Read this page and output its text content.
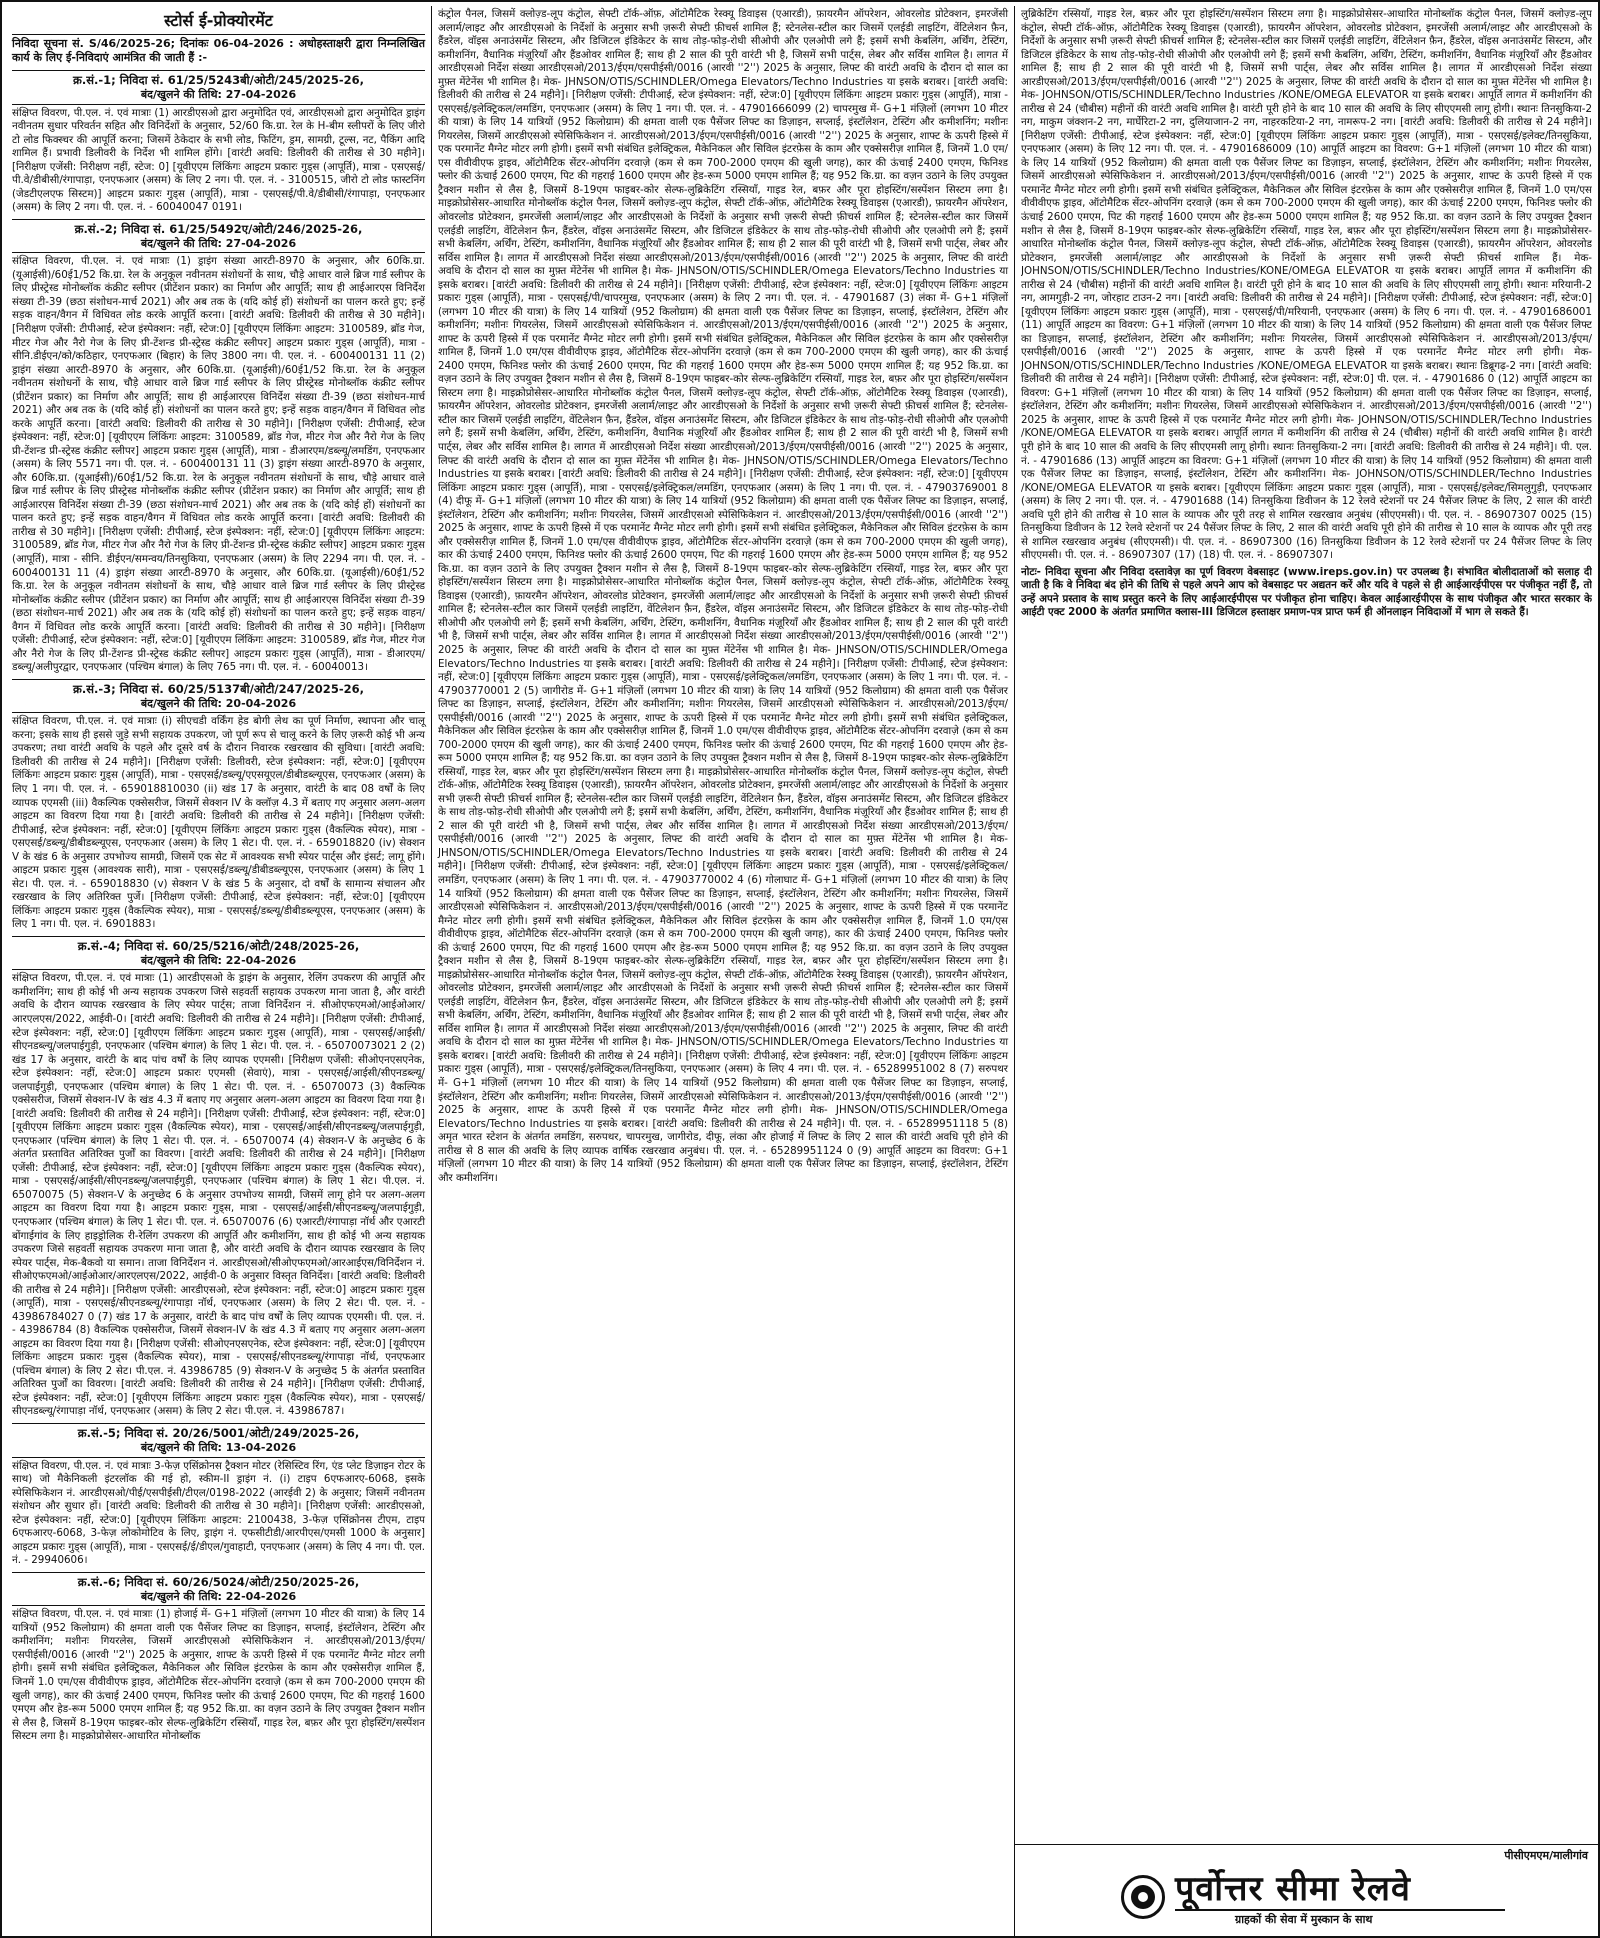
स्टोर्स ई-प्रोक्योरमेंट
निविदा सूचना सं. S/46/2025-26; दिनांकः 06-04-2026 : अधोहस्ताक्षरी द्वारा निम्नलिखित कार्य के लिए ई-निविदाएं आमंत्रित की जाती हैं :-
क्र.सं.-1; निविदा सं. 61/25/5243बी/ओटी/245/2025-26,
बंद/खुलने की तिथि: 27-04-2026
संक्षिप्त विवरण, पी.एल. नं. एवं मात्राः (1) आरडीएसओ द्वारा अनुमोदित एवं, आरडीएसओ द्वारा अनुमोदित ड्राइंग नवीनतम सुधार परिवर्तन सहित और विनिर्देशों के अनुसार, 52/60 कि.ग्रा. रेल के H-बीम स्लीपरों के लिए जीरो टो लोड फिक्स्चर की आपूर्ति करना; जिसमें ठेकेदार के सभी लोड, फिटिंग, ड्रम, सामग्री, टूल्स, नट, पैकिंग आदि शामिल हैं। प्रभावी डिलीवरी के निर्देश भी शामिल होंगे। [वारंटी अवधि: डिलीवरी की तारीख से 30 महीने]। [निरीक्षण एजेंसी: निरीक्षण नहीं, स्टेज: 0] [यूवीएएम लिंकिंगः आइटम प्रकारः गुड्स (आपूर्ति), मात्रा - एसएसई/पी.वे/डीबीसी/रंगापाड़ा, एनएफआर (असम) के लिए 2 नग। पी. एल. नं. - 3100515, जीरो टो लोड फास्टनिंग (जेडटीएलएफ सिस्टम)] आइटम प्रकारः गुड्स (आपूर्ति), मात्रा - एसएसई/पी.वे/डीबीसी/रंगापाड़ा, एनएफआर (असम) के लिए 2 नग। पी. एल. नं. - 60040047 0191।
क्र.सं.-2; निविदा सं. 61/25/5492ए/ओटी/246/2025-26,
बंद/खुलने की तिथि: 27-04-2026
संक्षिप्त विवरण, पी.एल. नं. एवं मात्राः (1) ड्राइंग संख्या आरटी-8970 के अनुसार, और 60कि.ग्रा. (यूआईसी)/60ई1/52 कि.ग्रा. रेल के अनुकूल नवीनतम संशोधनों के साथ, चौड़े आधार वाले ब्रिज गार्ड स्लीपर के लिए प्रीस्ट्रेस्ड मोनोब्लॉक कंक्रीट स्लीपर (प्रीटेंशन प्रकार) का निर्माण और आपूर्ति; साथ ही आईआरएस विनिर्देश संख्या टी-39 (छठा संशोधन-मार्च 2021) और अब तक के (यदि कोई हों) संशोधनों का पालन करते हुए; इन्हें सड़क वाहन/वैगन में विधिवत लोड करके आपूर्ति करना। [वारंटी अवधि: डिलीवरी की तारीख से 30 महीने]। [निरीक्षण एजेंसी: टीपीआई, स्टेज इंस्पेक्शन: नहीं, स्टेज:0] [यूवीएएम लिंकिंगः आइटम: 3100589, ब्रॉड गेज, मीटर गेज और नैरो गेज के लिए प्री-टेंशन्ड प्री-स्ट्रेस्ड कंक्रीट स्लीपर] आइटम प्रकारः गुड्स (आपूर्ति), मात्रा - सीनि.डीईएन/को/कठिहार, एनएफआर (बिहार) के लिए 3800 नग। पी. एल. नं. - 600400131 11 (2) ड्राइंग संख्या आरटी-8970 के अनुसार, और 60कि.ग्रा. (यूआईसी)/60ई1/52 कि.ग्रा. रेल के अनुकूल नवीनतम संशोधनों के साथ, चौड़े आधार वाले ब्रिज गार्ड स्लीपर के लिए प्रीस्ट्रेस्ड मोनोब्लॉक कंक्रीट स्लीपर (प्रीटेंशन प्रकार) का निर्माण और आपूर्ति; साथ ही आईआरएस विनिर्देश संख्या टी-39 (छठा संशोधन-मार्च 2021) और अब तक के (यदि कोई हों) संशोधनों का पालन करते हुए; इन्हें सड़क वाहन/वैगन में विधिवत लोड करके आपूर्ति करना। [वारंटी अवधि: डिलीवरी की तारीख से 30 महीने]। [निरीक्षण एजेंसी: टीपीआई, स्टेज इंस्पेक्शन: नहीं, स्टेज:0] [यूवीएएम लिंकिंगः आइटम: 3100589, ब्रॉड गेज, मीटर गेज और नैरो गेज के लिए प्री-टेंशन्ड प्री-स्ट्रेस्ड कंक्रीट स्लीपर] आइटम प्रकारः गुड्स (आपूर्ति), मात्रा - डीआरएम/डब्ल्यू/लमडिंग, एनएफआर (असम) के लिए 5571 नग। पी. एल. नं. - 600400131 11 (3) ड्राइंग संख्या आरटी-8970 के अनुसार, और 60कि.ग्रा. (यूआईसी)/60ई1/52 कि.ग्रा. रेल के अनुकूल नवीनतम संशोधनों के साथ, चौड़े आधार वाले ब्रिज गार्ड स्लीपर के लिए प्रीस्ट्रेस्ड मोनोब्लॉक कंक्रीट स्लीपर (प्रीटेंशन प्रकार) का निर्माण और आपूर्ति; साथ ही आईआरएस विनिर्देश संख्या टी-39 (छठा संशोधन-मार्च 2021) और अब तक के (यदि कोई हों) संशोधनों का पालन करते हुए; इन्हें सड़क वाहन/वैगन में विधिवत लोड करके आपूर्ति करना। [वारंटी अवधि: डिलीवरी की तारीख से 30 महीने]। [निरीक्षण एजेंसी: टीपीआई, स्टेज इंस्पेक्शन: नहीं, स्टेज:0] [यूवीएएम लिंकिंगः आइटम: 3100589, ब्रॉड गेज, मीटर गेज और नैरो गेज के लिए प्री-टेंशन्ड प्री-स्ट्रेस्ड कंक्रीट स्लीपर] आइटम प्रकारः गुड्स (आपूर्ति), मात्रा - सीनि. डीईएन/समन्वय/तिनसुकिया, एनएफआर (असम) के लिए 2294 नग। पी. एल. नं. - 600400131 11 (4) ड्राइंग संख्या आरटी-8970 के अनुसार, और 60कि.ग्रा. (यूआईसी)/60ई1/52 कि.ग्रा. रेल के अनुकूल नवीनतम संशोधनों के साथ, चौड़े आधार वाले ब्रिज गार्ड स्लीपर के लिए प्रीस्ट्रेस्ड मोनोब्लॉक कंक्रीट स्लीपर (प्रीटेंशन प्रकार) का निर्माण और आपूर्ति; साथ ही आईआरएस विनिर्देश संख्या टी-39 (छठा संशोधन-मार्च 2021) और अब तक के (यदि कोई हों) संशोधनों का पालन करते हुए; इन्हें सड़क वाहन/वैगन में विधिवत लोड करके आपूर्ति करना। [वारंटी अवधि: डिलीवरी की तारीख से 30 महीने]। [निरीक्षण एजेंसी: टीपीआई, स्टेज इंस्पेक्शन: नहीं, स्टेज:0] [यूवीएएम लिंकिंगः आइटम: 3100589, ब्रॉड गेज, मीटर गेज और नैरो गेज के लिए प्री-टेंशन्ड प्री-स्ट्रेस्ड कंक्रीट स्लीपर] आइटम प्रकारः गुड्स (आपूर्ति), मात्रा - डीआरएम/डब्ल्यू/अलीपुरद्वार, एनएफआर (पश्चिम बंगाल) के लिए 765 नग। पी. एल. नं. - 60040013।
क्र.सं.-3; निविदा सं. 60/25/5137बी/ओटी/247/2025-26,
बंद/खुलने की तिथि: 20-04-2026
संक्षिप्त विवरण, पी.एल. नं. एवं मात्राः (i) सीएचडी वर्किंग हेड बोगी लेथ का पूर्ण निर्माण, स्थापना और चालू करना; इसके साथ ही इससे जुड़े सभी सहायक उपकरण, जो पूर्ण रूप से चालू करने के लिए ज़रूरी कोई भी अन्य उपकरण; तथा वारंटी अवधि के पहले और दूसरे वर्ष के दौरान निवारक रखरखाव की सुविधा। [वारंटी अवधि: डिलीवरी की तारीख से 24 महीने]। [निरीक्षण एजेंसी: डिलीवरी, स्टेज इंस्पेक्शन: नहीं, स्टेज:0] [यूवीएएम लिंकिंगः आइटम प्रकारः गुड्स (आपूर्ति), मात्रा - एसएसई/डब्ल्यू/एएसयूएल/डीबीडब्ल्यूएस, एनएफआर (असम) के लिए 1 नग। पी. एल. नं. - 659018810030 (ii) खंड 17 के अनुसार, वारंटी के बाद 08 वर्षों के लिए व्यापक एएमसी (iii) वैकल्पिक एक्सेसरीज, जिसमें सेक्शन IV के क्लॉज़ 4.3 में बताए गए अनुसार अलग-अलग आइटम का विवरण दिया गया है। [वारंटी अवधि: डिलीवरी की तारीख से 24 महीने]। [निरीक्षण एजेंसी: टीपीआई, स्टेज इंस्पेक्शन: नहीं, स्टेज:0] [यूवीएएम लिंकिंगः आइटम प्रकारः गुड्स (वैकल्पिक स्पेयर), मात्रा - एसएसई/डब्ल्यू/डीबीडब्ल्यूएस, एनएफआर (असम) के लिए 1 सेट। पी. एल. नं. - 659018820 (iv) सेक्शन V के खंड 6 के अनुसार उपभोज्य सामग्री, जिसमें एक सेट में आवश्यक सभी स्पेयर पार्ट्स और इंसर्ट; लागू होंगे। आइटम प्रकारः गुड्स (आवश्यक सारी), मात्रा - एसएसई/डब्ल्यू/डीबीडब्ल्यूएस, एनएफआर (असम) के लिए 1 सेट। पी. एल. नं. - 659018830 (v) सेक्शन V के खंड 5 के अनुसार, दो वर्षों के सामान्य संचालन और रखरखाव के लिए अतिरिक्त पुर्जे। [निरीक्षण एजेंसी: टीपीआई, स्टेज इंस्पेक्शन: नहीं, स्टेज:0] [यूवीएएम लिंकिंगः आइटम प्रकारः गुड्स (वैकल्पिक स्पेयर), मात्रा - एसएसई/डब्ल्यू/डीबीडब्ल्यूएस, एनएफआर (असम) के लिए 1 नग। पी. एल. नं. 6901883।
क्र.सं.-4; निविदा सं. 60/25/5216/ओटी/248/2025-26,
बंद/खुलने की तिथि: 22-04-2026
संक्षिप्त विवरण, पी.एल. नं. एवं मात्राः (1) आरडीएसओ के ड्राइंग के अनुसार, रेलिंग उपकरण की आपूर्ति और कमीशनिंग; साथ ही कोई भी अन्य सहायक उपकरण जिसे सहवर्ती सहायक उपकरण माना जाता है, और वारंटी अवधि के दौरान व्यापक रखरखाव के लिए स्पेयर पार्ट्स; ताजा विनिर्देशन नं. सीओएफएमओ/आईओआर/आरएलएस/2022, आईवी-0। [वारंटी अवधि: डिलीवरी की तारीख से 24 महीने]। [निरीक्षण एजेंसी: टीपीआई, स्टेज इंस्पेक्शन: नहीं, स्टेज:0] [यूवीएएम लिंकिंगः आइटम प्रकारः गुड्स (आपूर्ति), मात्रा - एसएसई/आईसी/सीएनडब्ल्यू/जलपाईगुड़ी, एनएफआर (पश्चिम बंगाल) के लिए 1 सेट। पी. एल. नं. - 65070073021 2 (2) खंड 17 के अनुसार, वारंटी के बाद पांच वर्षों के लिए व्यापक एएमसी। [निरीक्षण एजेंसी: सीओएनएसएनेक, स्टेज इंस्पेक्शन: नहीं, स्टेज:0] आइटम प्रकारः एएमसी (सेवाएं), मात्रा - एसएसई/आईसी/सीएनडब्ल्यू/जलपाईगुड़ी, एनएफआर (पश्चिम बंगाल) के लिए 1 सेट। पी. एल. नं. - 65070073 (3) वैकल्पिक एक्सेसरीज, जिसमें सेक्शन-IV के खंड 4.3 में बताए गए अनुसार अलग-अलग आइटम का विवरण दिया गया है। [वारंटी अवधि: डिलीवरी की तारीख से 24 महीने]। [निरीक्षण एजेंसी: टीपीआई, स्टेज इंस्पेक्शन: नहीं, स्टेज:0] [यूवीएएम लिंकिंगः आइटम प्रकारः गुड्स (वैकल्पिक स्पेयर), मात्रा - एसएसई/आईसी/सीएनडब्ल्यू/जलपाईगुड़ी, एनएफआर (पश्चिम बंगाल) के लिए 1 सेट। पी. एल. नं. - 65070074 (4) सेक्शन-V के अनुच्छेद 6 के अंतर्गत प्रस्तावित अतिरिक्त पुर्जों का विवरण। [वारंटी अवधि: डिलीवरी की तारीख से 24 महीने]। [निरीक्षण एजेंसी: टीपीआई, स्टेज इंस्पेक्शन: नहीं, स्टेज:0] [यूवीएएम लिंकिंगः आइटम प्रकारः गुड्स (वैकल्पिक स्पेयर), मात्रा - एसएसई/आईसी/सीएनडब्ल्यू/जलपाईगुड़ी, एनएफआर (पश्चिम बंगाल) के लिए 1 सेट। पी.एल. नं. 65070075 (5) सेक्शन-V के अनुच्छेद 6 के अनुसार उपभोज्य सामग्री, जिसमें लागू होने पर अलग-अलग आइटम का विवरण दिया गया है। आइटम प्रकारः गुड्स, मात्रा - एसएसई/आईसी/सीएनडब्ल्यू/जलपाईगुड़ी, एनएफआर (पश्चिम बंगाल) के लिए 1 सेट। पी. एल. नं. 65070076 (6) एआरटी/रंगापाड़ा नॉर्थ और एआरटी बोंगाईगांव के लिए हाइड्रोलिक री-रेलिंग उपकरण की आपूर्ति और कमीशनिंग, साथ ही कोई भी अन्य सहायक उपकरण जिसे सहवर्ती सहायक उपकरण माना जाता है, और वारंटी अवधि के दौरान व्यापक रखरखाव के लिए स्पेयर पार्ट्स, मेक-बैकवो या समान। ताजा विनिर्देशन नं. आरडीएसओ/सीओएफएमओ/आरआईएस/विनिर्देशन नं. सीओएफएमओ/आईओआर/आरएलएस/2022, आईवी-0 के अनुसार विस्तृत विनिर्देश। [वारंटी अवधि: डिलीवरी की तारीख से 24 महीने]। [निरीक्षण एजेंसी: आरडीएसओ, स्टेज इंस्पेक्शन: नहीं, स्टेज:0] आइटम प्रकारः गुड्स (आपूर्ति), मात्रा - एसएसई/सीएनडब्ल्यू/रंगापाड़ा नॉर्थ, एनएफआर (असम) के लिए 2 सेट। पी. एल. नं. - 43986784027 0 (7) खंड 17 के अनुसार, वारंटी के बाद पांच वर्षों के लिए व्यापक एएमसी। पी. एल. नं. - 43986784 (8) वैकल्पिक एक्सेसरीज, जिसमें सेक्शन-IV के खंड 4.3 में बताए गए अनुसार अलग-अलग आइटम का विवरण दिया गया है। [निरीक्षण एजेंसी: सीओएनएसएनेक, स्टेज इंस्पेक्शन: नहीं, स्टेज:0] [यूवीएएम लिंकिंगः आइटम प्रकारः गुड्स (वैकल्पिक स्पेयर), मात्रा - एसएसई/सीएनडब्ल्यू/रंगापाड़ा नॉर्थ, एनएफआर (पश्चिम बंगाल) के लिए 2 सेट। पी.एल. नं. 43986785 (9) सेक्शन-V के अनुच्छेद 5 के अंतर्गत प्रस्तावित अतिरिक्त पुर्जों का विवरण। [वारंटी अवधि: डिलीवरी की तारीख से 24 महीने]। [निरीक्षण एजेंसी: टीपीआई, स्टेज इंस्पेक्शन: नहीं, स्टेज:0] [यूवीएएम लिंकिंगः आइटम प्रकारः गुड्स (वैकल्पिक स्पेयर), मात्रा - एसएसई/सीएनडब्ल्यू/रंगापाड़ा नॉर्थ, एनएफआर (असम) के लिए 2 सेट। पी.एल. नं. 43986787।
क्र.सं.-5; निविदा सं. 20/26/5001/ओटी/249/2025-26,
बंद/खुलने की तिथि: 13-04-2026
संक्षिप्त विवरण, पी.एल. नं. एवं मात्राः 3-फेज़ एसिंक्रोनस ट्रैक्शन मोटर (रेसिस्टिव रिंग, एंड प्लेट डिज़ाइन रोटर के साथ) जो मैकेनिकली इंटरलॉक की गई हो, स्कीम-II ड्राइंग नं. (i) टाइप 6एफआरए-6068, इसके स्पेसिफिकेशन नं. आरडीएसओ/पीई/एसपीईसी/टीएल/0198-2022 (आरईवी 2) के अनुसार; जिसमें नवीनतम संशोधन और सुधार हों। [वारंटी अवधि: डिलीवरी की तारीख से 30 महीने]। [निरीक्षण एजेंसी: आरडीएसओ, स्टेज इंस्पेक्शन: नहीं, स्टेज:0] [यूवीएएम लिंकिंगः आइटम: 2100438, 3-फेज़ एसिंक्रोनस टीएम, टाइप 6एफआरए-6068, 3-फेज़ लोकोमोटिव के लिए, ड्राइंग नं. एफसीटीडी/आरपीएस/एमसी 1000 के अनुसार] आइटम प्रकारः गुड्स (आपूर्ति), मात्रा - एसएसई/ई/डीएल/गुवाहाटी, एनएफआर (असम) के लिए 4 नग। पी. एल. नं. - 29940606।
क्र.सं.-6; निविदा सं. 60/26/5024/ओटी/250/2025-26,
बंद/खुलने की तिथि: 22-04-2026
संक्षिप्त विवरण, पी.एल. नं. एवं मात्राः (1) होजाई में- G+1 मंज़िलों (लगभग 10 मीटर की यात्रा) के लिए 14 यात्रियों (952 किलोग्राम) की क्षमता वाली एक पैसेंजर लिफ्ट का डिज़ाइन, सप्लाई, इंस्टॉलेशन, टेस्टिंग और कमीशनिंग; मशीनः गियरलेस, जिसमें आरडीएसओ स्पेसिफिकेशन नं. आरडीएसओ/2013/ईएम/एसपीईसी/0016 (आरवी ''2'') 2025 के अनुसार, शाफ्ट के ऊपरी हिस्से में एक परमानेंट मैग्नेट मोटर लगी होगी। इसमें सभी संबंधित इलेक्ट्रिकल, मैकेनिकल और सिविल इंटरफ़ेस के काम और एक्सेसरीज़ शामिल हैं, जिनमें 1.0 एम/एस वीवीवीएफ ड्राइव, ऑटोमैटिक सेंटर-ओपनिंग दरवाज़े (कम से कम 700-2000 एमएम की खुली जगह), कार की ऊंचाई 2400 एमएम, फिनिश्ड फ्लोर की ऊंचाई 2600 एमएम, पिट की गहराई 1600 एमएम और हेड-रूम 5000 एमएम शामिल हैं; यह 952 कि.ग्रा. का वज़न उठाने के लिए उपयुक्त ट्रैक्शन मशीन से लैस है, जिसमें 8-19एम फाइबर-कोर सेल्फ-लुब्रिकेटिंग रस्सियाँ, गाइड रेल, बफ़र और पूरा होइस्टिंग/सस्पेंशन सिस्टम लगा है। माइक्रोप्रोसेसर-आधारित मोनोब्लॉक
कंट्रोल पैनल, जिसमें क्लोज़्ड-लूप कंट्रोल, सेफ्टी टॉर्क-ऑफ़, ऑटोमैटिक रेस्क्यू डिवाइस (एआरडी), फ़ायरमैन ऑपरेशन, ओवरलोड प्रोटेक्शन, इमरजेंसी अलार्म/लाइट और आरडीएसओ के निर्देशों के अनुसार सभी ज़रूरी सेफ्टी फ़ीचर्स शामिल हैं; स्टेनलेस-स्टील कार जिसमें एलईडी लाइटिंग, वेंटिलेशन फ़ैन, हैंडरेल, वॉइस अनाउंसमेंट सिस्टम, और डिजिटल इंडिकेटर के साथ तोड़-फोड़-रोधी सीओपी और एलओपी लगे हैं; इसमें सभी केबलिंग, अर्थिंग, टेस्टिंग, कमीशनिंग, वैधानिक मंज़ूरियाँ और हैंडओवर शामिल हैं; साथ ही 2 साल की पूरी वारंटी भी है, जिसमें सभी पार्ट्स, लेबर और सर्विस शामिल है। लागत में आरडीएसओ निर्देश संख्या आरडीएसओ/2013/ईएम/एसपीईसी/0016 (आरवी ''2'') 2025 के अनुसार, लिफ्ट की वारंटी अवधि के दौरान दो साल का मुफ़्त मेंटेनेंस भी शामिल है। मेक- JHNSON/OTIS/SCHINDLER/Omega Elevators/Techno Industries या इसके बराबर। [वारंटी अवधि: डिलीवरी की तारीख से 24 महीने]। [निरीक्षण एजेंसी: टीपीआई, स्टेज इंस्पेक्शन: नहीं, स्टेज:0] [यूवीएएम लिंकिंगः आइटम प्रकारः गुड्स (आपूर्ति), मात्रा - एसएसई/इलेक्ट्रिकल/लमडिंग, एनएफआर (असम) के लिए 1 नग। पी. एल. नं. - 47901666099 (2) चापरमुख में- G+1 मंज़िलों (लगभग 10 मीटर की यात्रा) के लिए 14 यात्रियों (952 किलोग्राम) की क्षमता वाली एक पैसेंजर लिफ्ट का डिज़ाइन, सप्लाई, इंस्टॉलेशन, टेस्टिंग और कमीशनिंग; मशीनः गियरलेस, जिसमें आरडीएसओ स्पेसिफिकेशन नं. आरडीएसओ/2013/ईएम/एसपीईसी/0016 (आरवी ''2'') 2025 के अनुसार, शाफ्ट के ऊपरी हिस्से में एक परमानेंट मैग्नेट मोटर लगी होगी। इसमें सभी संबंधित इलेक्ट्रिकल, मैकेनिकल और सिविल इंटरफ़ेस के काम और एक्सेसरीज़ शामिल हैं, जिनमें 1.0 एम/एस वीवीवीएफ ड्राइव, ऑटोमैटिक सेंटर-ओपनिंग दरवाज़े (कम से कम 700-2000 एमएम की खुली जगह), कार की ऊंचाई 2400 एमएम, फिनिश्ड फ्लोर की ऊंचाई 2600 एमएम, पिट की गहराई 1600 एमएम और हेड-रूम 5000 एमएम शामिल हैं; यह 952 कि.ग्रा. का वज़न उठाने के लिए उपयुक्त ट्रैक्शन मशीन से लैस है, जिसमें 8-19एम फाइबर-कोर सेल्फ-लुब्रिकेटिंग रस्सियाँ, गाइड रेल, बफ़र और पूरा होइस्टिंग/सस्पेंशन सिस्टम लगा है। माइक्रोप्रोसेसर-आधारित मोनोब्लॉक कंट्रोल पैनल, जिसमें क्लोज़्ड-लूप कंट्रोल, सेफ्टी टॉर्क-ऑफ़, ऑटोमैटिक रेस्क्यू डिवाइस (एआरडी), फ़ायरमैन ऑपरेशन, ओवरलोड प्रोटेक्शन, इमरजेंसी अलार्म/लाइट और आरडीएसओ के निर्देशों के अनुसार सभी ज़रूरी सेफ्टी फ़ीचर्स शामिल हैं; स्टेनलेस-स्टील कार जिसमें एलईडी लाइटिंग, वेंटिलेशन फ़ैन, हैंडरेल, वॉइस अनाउंसमेंट सिस्टम, और डिजिटल इंडिकेटर के साथ तोड़-फोड़-रोधी सीओपी और एलओपी लगे हैं; इसमें सभी केबलिंग, अर्थिंग, टेस्टिंग, कमीशनिंग, वैधानिक मंज़ूरियाँ और हैंडओवर शामिल हैं; साथ ही 2 साल की पूरी वारंटी भी है, जिसमें सभी पार्ट्स, लेबर और सर्विस शामिल है। लागत में आरडीएसओ निर्देश संख्या आरडीएसओ/2013/ईएम/एसपीईसी/0016 (आरवी ''2'') 2025 के अनुसार, लिफ्ट की वारंटी अवधि के दौरान दो साल का मुफ़्त मेंटेनेंस भी शामिल है। मेक- JHNSON/OTIS/SCHINDLER/Omega Elevators/Techno Industries या इसके बराबर। [वारंटी अवधि: डिलीवरी की तारीख से 24 महीने]। [निरीक्षण एजेंसी: टीपीआई, स्टेज इंस्पेक्शन: नहीं, स्टेज:0] [यूवीएएम लिंकिंगः आइटम प्रकारः गुड्स (आपूर्ति), मात्रा - एसएसई/पी/चापरमुख, एनएफआर (असम) के लिए 2 नग। पी. एल. नं. - 47901687 (3) लंका में- G+1 मंज़िलों (लगभग 10 मीटर की यात्रा) के लिए 14 यात्रियों (952 किलोग्राम) की क्षमता वाली एक पैसेंजर लिफ्ट का डिज़ाइन, सप्लाई, इंस्टॉलेशन, टेस्टिंग और कमीशनिंग; मशीनः गियरलेस, जिसमें आरडीएसओ स्पेसिफिकेशन नं. आरडीएसओ/2013/ईएम/एसपीईसी/0016 (आरवी ''2'') 2025 के अनुसार, शाफ्ट के ऊपरी हिस्से में एक परमानेंट मैग्नेट मोटर लगी होगी। इसमें सभी संबंधित इलेक्ट्रिकल, मैकेनिकल और सिविल इंटरफ़ेस के काम और एक्सेसरीज़ शामिल हैं, जिनमें 1.0 एम/एस वीवीवीएफ ड्राइव, ऑटोमैटिक सेंटर-ओपनिंग दरवाज़े (कम से कम 700-2000 एमएम की खुली जगह), कार की ऊंचाई 2400 एमएम, फिनिश्ड फ्लोर की ऊंचाई 2600 एमएम, पिट की गहराई 1600 एमएम और हेड-रूम 5000 एमएम शामिल हैं; यह 952 कि.ग्रा. का वज़न उठाने के लिए उपयुक्त ट्रैक्शन मशीन से लैस है, जिसमें 8-19एम फाइबर-कोर सेल्फ-लुब्रिकेटिंग रस्सियाँ, गाइड रेल, बफ़र और पूरा होइस्टिंग/सस्पेंशन सिस्टम लगा है। माइक्रोप्रोसेसर-आधारित मोनोब्लॉक कंट्रोल पैनल, जिसमें क्लोज़्ड-लूप कंट्रोल, सेफ्टी टॉर्क-ऑफ़, ऑटोमैटिक रेस्क्यू डिवाइस (एआरडी), फ़ायरमैन ऑपरेशन, ओवरलोड प्रोटेक्शन, इमरजेंसी अलार्म/लाइट और आरडीएसओ के निर्देशों के अनुसार सभी ज़रूरी सेफ्टी फ़ीचर्स शामिल हैं; स्टेनलेस-स्टील कार जिसमें एलईडी लाइटिंग, वेंटिलेशन फ़ैन, हैंडरेल, वॉइस अनाउंसमेंट सिस्टम, और डिजिटल इंडिकेटर के साथ तोड़-फोड़-रोधी सीओपी और एलओपी लगे हैं; इसमें सभी केबलिंग, अर्थिंग, टेस्टिंग, कमीशनिंग, वैधानिक मंज़ूरियाँ और हैंडओवर शामिल हैं; साथ ही 2 साल की पूरी वारंटी भी है, जिसमें सभी पार्ट्स, लेबर और सर्विस शामिल है। लागत में आरडीएसओ निर्देश संख्या आरडीएसओ/2013/ईएम/एसपीईसी/0016 (आरवी ''2'') 2025 के अनुसार, लिफ्ट की वारंटी अवधि के दौरान दो साल का मुफ़्त मेंटेनेंस भी शामिल है। मेक- JHNSON/OTIS/SCHINDLER/Omega Elevators/Techno Industries या इसके बराबर। [वारंटी अवधि: डिलीवरी की तारीख से 24 महीने]। [निरीक्षण एजेंसी: टीपीआई, स्टेज इंस्पेक्शन: नहीं, स्टेज:0] [यूवीएएम लिंकिंगः आइटम प्रकारः गुड्स (आपूर्ति), मात्रा - एसएसई/इलेक्ट्रिकल/लमडिंग, एनएफआर (असम) के लिए 1 नग। पी. एल. नं. - 47903769001 8 (4) दीफू में- G+1 मंज़िलों (लगभग 10 मीटर की यात्रा) के लिए 14 यात्रियों (952 किलोग्राम) की क्षमता वाली एक पैसेंजर लिफ्ट का डिज़ाइन, सप्लाई, इंस्टॉलेशन, टेस्टिंग और कमीशनिंग; मशीनः गियरलेस, जिसमें आरडीएसओ स्पेसिफिकेशन नं. आरडीएसओ/2013/ईएम/एसपीईसी/0016 (आरवी ''2'') 2025 के अनुसार, शाफ्ट के ऊपरी हिस्से में एक परमानेंट मैग्नेट मोटर लगी होगी। इसमें सभी संबंधित इलेक्ट्रिकल, मैकेनिकल और सिविल इंटरफ़ेस के काम और एक्सेसरीज़ शामिल हैं, जिनमें 1.0 एम/एस वीवीवीएफ ड्राइव, ऑटोमैटिक सेंटर-ओपनिंग दरवाज़े (कम से कम 700-2000 एमएम की खुली जगह), कार की ऊंचाई 2400 एमएम, फिनिश्ड फ्लोर की ऊंचाई 2600 एमएम, पिट की गहराई 1600 एमएम और हेड-रूम 5000 एमएम शामिल हैं; यह 952 कि.ग्रा. का वज़न उठाने के लिए उपयुक्त ट्रैक्शन मशीन से लैस है, जिसमें 8-19एम फाइबर-कोर सेल्फ-लुब्रिकेटिंग रस्सियाँ, गाइड रेल, बफ़र और पूरा होइस्टिंग/सस्पेंशन सिस्टम लगा है। माइक्रोप्रोसेसर-आधारित मोनोब्लॉक कंट्रोल पैनल, जिसमें क्लोज़्ड-लूप कंट्रोल, सेफ्टी टॉर्क-ऑफ़, ऑटोमैटिक रेस्क्यू डिवाइस (एआरडी), फ़ायरमैन ऑपरेशन, ओवरलोड प्रोटेक्शन, इमरजेंसी अलार्म/लाइट और आरडीएसओ के निर्देशों के अनुसार सभी ज़रूरी सेफ्टी फ़ीचर्स शामिल हैं; स्टेनलेस-स्टील कार जिसमें एलईडी लाइटिंग, वेंटिलेशन फ़ैन, हैंडरेल, वॉइस अनाउंसमेंट सिस्टम, और डिजिटल इंडिकेटर के साथ तोड़-फोड़-रोधी सीओपी और एलओपी लगे हैं; इसमें सभी केबलिंग, अर्थिंग, टेस्टिंग, कमीशनिंग, वैधानिक मंज़ूरियाँ और हैंडओवर शामिल हैं; साथ ही 2 साल की पूरी वारंटी भी है, जिसमें सभी पार्ट्स, लेबर और सर्विस शामिल है। लागत में आरडीएसओ निर्देश संख्या आरडीएसओ/2013/ईएम/एसपीईसी/0016 (आरवी ''2'') 2025 के अनुसार, लिफ्ट की वारंटी अवधि के दौरान दो साल का मुफ़्त मेंटेनेंस भी शामिल है। मेक- JHNSON/OTIS/SCHINDLER/Omega Elevators/Techno Industries या इसके बराबर। [वारंटी अवधि: डिलीवरी की तारीख से 24 महीने]। [निरीक्षण एजेंसी: टीपीआई, स्टेज इंस्पेक्शन: नहीं, स्टेज:0] [यूवीएएम लिंकिंगः आइटम प्रकारः गुड्स (आपूर्ति), मात्रा - एसएसई/इलेक्ट्रिकल/लमडिंग, एनएफआर (असम) के लिए 1 नग। पी. एल. नं. - 47903770001 2 (5) जागीरोड में- G+1 मंज़िलों (लगभग 10 मीटर की यात्रा) के लिए 14 यात्रियों (952 किलोग्राम) की क्षमता वाली एक पैसेंजर लिफ्ट का डिज़ाइन, सप्लाई, इंस्टॉलेशन, टेस्टिंग और कमीशनिंग; मशीनः गियरलेस, जिसमें आरडीएसओ स्पेसिफिकेशन नं. आरडीएसओ/2013/ईएम/एसपीईसी/0016 (आरवी ''2'') 2025 के अनुसार, शाफ्ट के ऊपरी हिस्से में एक परमानेंट मैग्नेट मोटर लगी होगी। इसमें सभी संबंधित इलेक्ट्रिकल, मैकेनिकल और सिविल इंटरफ़ेस के काम और एक्सेसरीज़ शामिल हैं, जिनमें 1.0 एम/एस वीवीवीएफ ड्राइव, ऑटोमैटिक सेंटर-ओपनिंग दरवाज़े (कम से कम 700-2000 एमएम की खुली जगह), कार की ऊंचाई 2400 एमएम, फिनिश्ड फ्लोर की ऊंचाई 2600 एमएम, पिट की गहराई 1600 एमएम और हेड-रूम 5000 एमएम शामिल हैं; यह 952 कि.ग्रा. का वज़न उठाने के लिए उपयुक्त ट्रैक्शन मशीन से लैस है, जिसमें 8-19एम फाइबर-कोर सेल्फ-लुब्रिकेटिंग रस्सियाँ, गाइड रेल, बफ़र और पूरा होइस्टिंग/सस्पेंशन सिस्टम लगा है। माइक्रोप्रोसेसर-आधारित मोनोब्लॉक कंट्रोल पैनल, जिसमें क्लोज़्ड-लूप कंट्रोल, सेफ्टी टॉर्क-ऑफ़, ऑटोमैटिक रेस्क्यू डिवाइस (एआरडी), फ़ायरमैन ऑपरेशन, ओवरलोड प्रोटेक्शन, इमरजेंसी अलार्म/लाइट और आरडीएसओ के निर्देशों के अनुसार सभी ज़रूरी सेफ्टी फ़ीचर्स शामिल हैं; स्टेनलेस-स्टील कार जिसमें एलईडी लाइटिंग, वेंटिलेशन फ़ैन, हैंडरेल, वॉइस अनाउंसमेंट सिस्टम, और डिजिटल इंडिकेटर के साथ तोड़-फोड़-रोधी सीओपी और एलओपी लगे हैं; इसमें सभी केबलिंग, अर्थिंग, टेस्टिंग, कमीशनिंग, वैधानिक मंज़ूरियाँ और हैंडओवर शामिल हैं; साथ ही 2 साल की पूरी वारंटी भी है, जिसमें सभी पार्ट्स, लेबर और सर्विस शामिल है। लागत में आरडीएसओ निर्देश संख्या आरडीएसओ/2013/ईएम/एसपीईसी/0016 (आरवी ''2'') 2025 के अनुसार, लिफ्ट की वारंटी अवधि के दौरान दो साल का मुफ़्त मेंटेनेंस भी शामिल है। मेक- JHNSON/OTIS/SCHINDLER/Omega Elevators/Techno Industries या इसके बराबर। [वारंटी अवधि: डिलीवरी की तारीख से 24 महीने]। [निरीक्षण एजेंसी: टीपीआई, स्टेज इंस्पेक्शन: नहीं, स्टेज:0] [यूवीएएम लिंकिंगः आइटम प्रकारः गुड्स (आपूर्ति), मात्रा - एसएसई/इलेक्ट्रिकल/लमडिंग, एनएफआर (असम) के लिए 1 नग। पी. एल. नं. - 47903770002 4 (6) गोलाघाट में- G+1 मंज़िलों (लगभग 10 मीटर की यात्रा) के लिए 14 यात्रियों (952 किलोग्राम) की क्षमता वाली एक पैसेंजर लिफ्ट का डिज़ाइन, सप्लाई, इंस्टॉलेशन, टेस्टिंग और कमीशनिंग; मशीनः गियरलेस, जिसमें आरडीएसओ स्पेसिफिकेशन नं. आरडीएसओ/2013/ईएम/एसपीईसी/0016 (आरवी ''2'') 2025 के अनुसार, शाफ्ट के ऊपरी हिस्से में एक परमानेंट मैग्नेट मोटर लगी होगी। इसमें सभी संबंधित इलेक्ट्रिकल, मैकेनिकल और सिविल इंटरफ़ेस के काम और एक्सेसरीज़ शामिल हैं, जिनमें 1.0 एम/एस वीवीवीएफ ड्राइव, ऑटोमैटिक सेंटर-ओपनिंग दरवाज़े (कम से कम 700-2000 एमएम की खुली जगह), कार की ऊंचाई 2400 एमएम, फिनिश्ड फ्लोर की ऊंचाई 2600 एमएम, पिट की गहराई 1600 एमएम और हेड-रूम 5000 एमएम शामिल हैं; यह 952 कि.ग्रा. का वज़न उठाने के लिए उपयुक्त ट्रैक्शन मशीन से लैस है, जिसमें 8-19एम फाइबर-कोर सेल्फ-लुब्रिकेटिंग रस्सियाँ, गाइड रेल, बफ़र और पूरा होइस्टिंग/सस्पेंशन सिस्टम लगा है। माइक्रोप्रोसेसर-आधारित मोनोब्लॉक कंट्रोल पैनल, जिसमें क्लोज़्ड-लूप कंट्रोल, सेफ्टी टॉर्क-ऑफ़, ऑटोमैटिक रेस्क्यू डिवाइस (एआरडी), फ़ायरमैन ऑपरेशन, ओवरलोड प्रोटेक्शन, इमरजेंसी अलार्म/लाइट और आरडीएसओ के निर्देशों के अनुसार सभी ज़रूरी सेफ्टी फ़ीचर्स शामिल हैं; स्टेनलेस-स्टील कार जिसमें एलईडी लाइटिंग, वेंटिलेशन फ़ैन, हैंडरेल, वॉइस अनाउंसमेंट सिस्टम, और डिजिटल इंडिकेटर के साथ तोड़-फोड़-रोधी सीओपी और एलओपी लगे हैं; इसमें सभी केबलिंग, अर्थिंग, टेस्टिंग, कमीशनिंग, वैधानिक मंज़ूरियाँ और हैंडओवर शामिल हैं; साथ ही 2 साल की पूरी वारंटी भी है, जिसमें सभी पार्ट्स, लेबर और सर्विस शामिल है। लागत में आरडीएसओ निर्देश संख्या आरडीएसओ/2013/ईएम/एसपीईसी/0016 (आरवी ''2'') 2025 के अनुसार, लिफ्ट की वारंटी अवधि के दौरान दो साल का मुफ़्त मेंटेनेंस भी शामिल है। मेक- JHNSON/OTIS/SCHINDLER/Omega Elevators/Techno Industries या इसके बराबर। [वारंटी अवधि: डिलीवरी की तारीख से 24 महीने]। [निरीक्षण एजेंसी: टीपीआई, स्टेज इंस्पेक्शन: नहीं, स्टेज:0] [यूवीएएम लिंकिंगः आइटम प्रकारः गुड्स (आपूर्ति), मात्रा - एसएसई/इलेक्ट्रिकल/तिनसुकिया, एनएफआर (असम) के लिए 4 नग। पी. एल. नं. - 65289951002 8 (7) सरुपथर में- G+1 मंज़िलों (लगभग 10 मीटर की यात्रा) के लिए 14 यात्रियों (952 किलोग्राम) की क्षमता वाली एक पैसेंजर लिफ्ट का डिज़ाइन, सप्लाई, इंस्टॉलेशन, टेस्टिंग और कमीशनिंग; मशीनः गियरलेस, जिसमें आरडीएसओ स्पेसिफिकेशन नं. आरडीएसओ/2013/ईएम/एसपीईसी/0016 (आरवी ''2'') 2025 के अनुसार, शाफ्ट के ऊपरी हिस्से में एक परमानेंट मैग्नेट मोटर लगी होगी। मेक- JHNSON/OTIS/SCHINDLER/Omega Elevators/Techno Industries या इसके बराबर। [वारंटी अवधि: डिलीवरी की तारीख से 24 महीने]। पी. एल. नं. - 65289951118 5 (8) अमृत भारत स्टेशन के अंतर्गत लमडिंग, सरुपथर, चापरमुख, जागीरोड, दीफू, लंका और होजाई में लिफ्ट के लिए 2 साल की वारंटी अवधि पूरी होने की तारीख से 8 साल की अवधि के लिए व्यापक वार्षिक रखरखाव अनुबंध। पी. एल. नं. - 65289951124 0 (9) आपूर्ति आइटम का विवरण: G+1 मंज़िलों (लगभग 10 मीटर की यात्रा) के लिए 14 यात्रियों (952 किलोग्राम) की क्षमता वाली एक पैसेंजर लिफ्ट का डिज़ाइन, सप्लाई, इंस्टॉलेशन, टेस्टिंग और कमीशनिंग।
लुब्रिकेटिंग रस्सियाँ, गाइड रेल, बफ़र और पूरा होइस्टिंग/सस्पेंशन सिस्टम लगा है। माइक्रोप्रोसेसर-आधारित मोनोब्लॉक कंट्रोल पैनल, जिसमें क्लोज़्ड-लूप कंट्रोल, सेफ्टी टॉर्क-ऑफ़, ऑटोमैटिक रेस्क्यू डिवाइस (एआरडी), फ़ायरमैन ऑपरेशन, ओवरलोड प्रोटेक्शन, इमरजेंसी अलार्म/लाइट और आरडीएसओ के निर्देशों के अनुसार सभी ज़रूरी सेफ्टी फ़ीचर्स शामिल हैं; स्टेनलेस-स्टील कार जिसमें एलईडी लाइटिंग, वेंटिलेशन फ़ैन, हैंडरेल, वॉइस अनाउंसमेंट सिस्टम, और डिजिटल इंडिकेटर के साथ तोड़-फोड़-रोधी सीओपी और एलओपी लगे हैं; इसमें सभी केबलिंग, अर्थिंग, टेस्टिंग, कमीशनिंग, वैधानिक मंज़ूरियाँ और हैंडओवर शामिल हैं; साथ ही 2 साल की पूरी वारंटी भी है, जिसमें सभी पार्ट्स, लेबर और सर्विस शामिल है। लागत में आरडीएसओ निर्देश संख्या आरडीएसओ/2013/ईएम/एसपीईसी/0016 (आरवी ''2'') 2025 के अनुसार, लिफ्ट की वारंटी अवधि के दौरान दो साल का मुफ़्त मेंटेनेंस भी शामिल है। मेक- JOHNSON/OTIS/SCHINDLER/Techno Industries /KONE/OMEGA ELEVATOR या इसके बराबर। आपूर्ति लागत में कमीशनिंग की तारीख से 24 (चौबीस) महीनों की वारंटी अवधि शामिल है। वारंटी पूरी होने के बाद 10 साल की अवधि के लिए सीएएमसी लागू होगी। स्थानः तिनसुकिया-2 नग, माकुम जंक्शन-2 नग, मार्घेरिटा-2 नग, दुलियाजान-2 नग, नाहरकटिया-2 नग, नामरूप-2 नग। [वारंटी अवधि: डिलीवरी की तारीख से 24 महीने]। [निरीक्षण एजेंसी: टीपीआई, स्टेज इंस्पेक्शन: नहीं, स्टेज:0] [यूवीएएम लिंकिंगः आइटम प्रकारः गुड्स (आपूर्ति), मात्रा - एसएसई/इलेक्ट/तिनसुकिया, एनएफआर (असम) के लिए 12 नग। पी. एल. नं. - 47901686009 (10) आपूर्ति आइटम का विवरण: G+1 मंज़िलों (लगभग 10 मीटर की यात्रा) के लिए 14 यात्रियों (952 किलोग्राम) की क्षमता वाली एक पैसेंजर लिफ्ट का डिज़ाइन, सप्लाई, इंस्टॉलेशन, टेस्टिंग और कमीशनिंग; मशीनः गियरलेस, जिसमें आरडीएसओ स्पेसिफिकेशन नं. आरडीएसओ/2013/ईएम/एसपीईसी/0016 (आरवी ''2'') 2025 के अनुसार, शाफ्ट के ऊपरी हिस्से में एक परमानेंट मैग्नेट मोटर लगी होगी। इसमें सभी संबंधित इलेक्ट्रिकल, मैकेनिकल और सिविल इंटरफ़ेस के काम और एक्सेसरीज़ शामिल हैं, जिनमें 1.0 एम/एस वीवीवीएफ ड्राइव, ऑटोमैटिक सेंटर-ओपनिंग दरवाज़े (कम से कम 700-2000 एमएम की खुली जगह), कार की ऊंचाई 2200 एमएम, फिनिश्ड फ्लोर की ऊंचाई 2600 एमएम, पिट की गहराई 1600 एमएम और हेड-रूम 5000 एमएम शामिल हैं; यह 952 कि.ग्रा. का वज़न उठाने के लिए उपयुक्त ट्रैक्शन मशीन से लैस है, जिसमें 8-19एम फाइबर-कोर सेल्फ-लुब्रिकेटिंग रस्सियाँ, गाइड रेल, बफ़र और पूरा होइस्टिंग/सस्पेंशन सिस्टम लगा है। माइक्रोप्रोसेसर-आधारित मोनोब्लॉक कंट्रोल पैनल, जिसमें क्लोज़्ड-लूप कंट्रोल, सेफ्टी टॉर्क-ऑफ़, ऑटोमैटिक रेस्क्यू डिवाइस (एआरडी), फ़ायरमैन ऑपरेशन, ओवरलोड प्रोटेक्शन, इमरजेंसी अलार्म/लाइट और आरडीएसओ के निर्देशों के अनुसार सभी ज़रूरी सेफ्टी फ़ीचर्स शामिल हैं। मेक- JOHNSON/OTIS/SCHINDLER/Techno Industries/KONE/OMEGA ELEVATOR या इसके बराबर। आपूर्ति लागत में कमीशनिंग की तारीख से 24 (चौबीस) महीनों की वारंटी अवधि शामिल है। वारंटी पूरी होने के बाद 10 साल की अवधि के लिए सीएएमसी लागू होगी। स्थानः मरियानी-2 नग, आमगुड़ी-2 नग, जोरहाट टाउन-2 नग। [वारंटी अवधि: डिलीवरी की तारीख से 24 महीने]। [निरीक्षण एजेंसी: टीपीआई, स्टेज इंस्पेक्शन: नहीं, स्टेज:0] [यूवीएएम लिंकिंगः आइटम प्रकारः गुड्स (आपूर्ति), मात्रा - एसएसई/पी/मरियानी, एनएफआर (असम) के लिए 6 नग। पी. एल. नं. - 47901686001 (11) आपूर्ति आइटम का विवरण: G+1 मंज़िलों (लगभग 10 मीटर की यात्रा) के लिए 14 यात्रियों (952 किलोग्राम) की क्षमता वाली एक पैसेंजर लिफ्ट का डिज़ाइन, सप्लाई, इंस्टॉलेशन, टेस्टिंग और कमीशनिंग; मशीनः गियरलेस, जिसमें आरडीएसओ स्पेसिफिकेशन नं. आरडीएसओ/2013/ईएम/एसपीईसी/0016 (आरवी ''2'') 2025 के अनुसार, शाफ्ट के ऊपरी हिस्से में एक परमानेंट मैग्नेट मोटर लगी होगी। मेक- JOHNSON/OTIS/SCHINDLER/Techno Industries /KONE/OMEGA ELEVATOR या इसके बराबर। स्थानः डिब्रूगढ़-2 नग। [वारंटी अवधि: डिलीवरी की तारीख से 24 महीने]। [निरीक्षण एजेंसी: टीपीआई, स्टेज इंस्पेक्शन: नहीं, स्टेज:0] पी. एल. नं. - 47901686 0 (12) आपूर्ति आइटम का विवरण: G+1 मंज़िलों (लगभग 10 मीटर की यात्रा) के लिए 14 यात्रियों (952 किलोग्राम) की क्षमता वाली एक पैसेंजर लिफ्ट का डिज़ाइन, सप्लाई, इंस्टॉलेशन, टेस्टिंग और कमीशनिंग; मशीनः गियरलेस, जिसमें आरडीएसओ स्पेसिफिकेशन नं. आरडीएसओ/2013/ईएम/एसपीईसी/0016 (आरवी ''2'') 2025 के अनुसार, शाफ्ट के ऊपरी हिस्से में एक परमानेंट मैग्नेट मोटर लगी होगी। मेक- JOHNSON/OTIS/SCHINDLER/Techno Industries /KONE/OMEGA ELEVATOR या इसके बराबर। आपूर्ति लागत में कमीशनिंग की तारीख से 24 (चौबीस) महीनों की वारंटी अवधि शामिल है। वारंटी पूरी होने के बाद 10 साल की अवधि के लिए सीएएमसी लागू होगी। स्थानः तिनसुकिया-2 नग। [वारंटी अवधि: डिलीवरी की तारीख से 24 महीने]। पी. एल. नं. - 47901686 (13) आपूर्ति आइटम का विवरण: G+1 मंज़िलों (लगभग 10 मीटर की यात्रा) के लिए 14 यात्रियों (952 किलोग्राम) की क्षमता वाली एक पैसेंजर लिफ्ट का डिज़ाइन, सप्लाई, इंस्टॉलेशन, टेस्टिंग और कमीशनिंग। मेक- JOHNSON/OTIS/SCHINDLER/Techno Industries /KONE/OMEGA ELEVATOR या इसके बराबर। [यूवीएएम लिंकिंगः आइटम प्रकारः गुड्स (आपूर्ति), मात्रा - एसएसई/इलेक्ट/सिमलुगुड़ी, एनएफआर (असम) के लिए 2 नग। पी. एल. नं. - 47901688 (14) तिनसुकिया डिवीजन के 12 रेलवे स्टेशनों पर 24 पैसेंजर लिफ्ट के लिए, 2 साल की वारंटी अवधि पूरी होने की तारीख से 10 साल के व्यापक और पूरी तरह से शामिल रखरखाव अनुबंध (सीएएमसी)। पी. एल. नं. - 86907307 0025 (15) तिनसुकिया डिवीजन के 12 रेलवे स्टेशनों पर 24 पैसेंजर लिफ्ट के लिए, 2 साल की वारंटी अवधि पूरी होने की तारीख से 10 साल के व्यापक और पूरी तरह से शामिल रखरखाव अनुबंध (सीएएमसी)। पी. एल. नं. - 86907300 (16) तिनसुकिया डिवीजन के 12 रेलवे स्टेशनों पर 24 पैसेंजर लिफ्ट के लिए सीएएमसी। पी. एल. नं. - 86907307 (17) (18) पी. एल. नं. - 86907307।
नोटः- निविदा सूचना और निविदा दस्तावेज़ का पूर्ण विवरण वेबसाइट (www.ireps.gov.in) पर उपलब्ध है। संभावित बोलीदाताओं को सलाह दी जाती है कि वे निविदा बंद होने की तिथि से पहले अपने आप को वेबसाइट पर अद्यतन करें और यदि वे पहले से ही आईआरईपीएस पर पंजीकृत नहीं हैं, तो उन्हें अपने प्रस्ताव के साथ प्रस्तुत करने के लिए आईआरईपीएस पर पंजीकृत होना चाहिए। केवल आईआरईपीएस के साथ पंजीकृत और भारत सरकार के आईटी एक्ट 2000 के अंतर्गत प्रमाणित क्लास-III डिजिटल हस्ताक्षर प्रमाण-पत्र प्राप्त फर्म ही ऑनलाइन निविदाओं में भाग ले सकते हैं।
पीसीएमएम/मालीगांव
पूर्वोत्तर सीमा रेलवे
ग्राहकों की सेवा में मुस्कान के साथ
